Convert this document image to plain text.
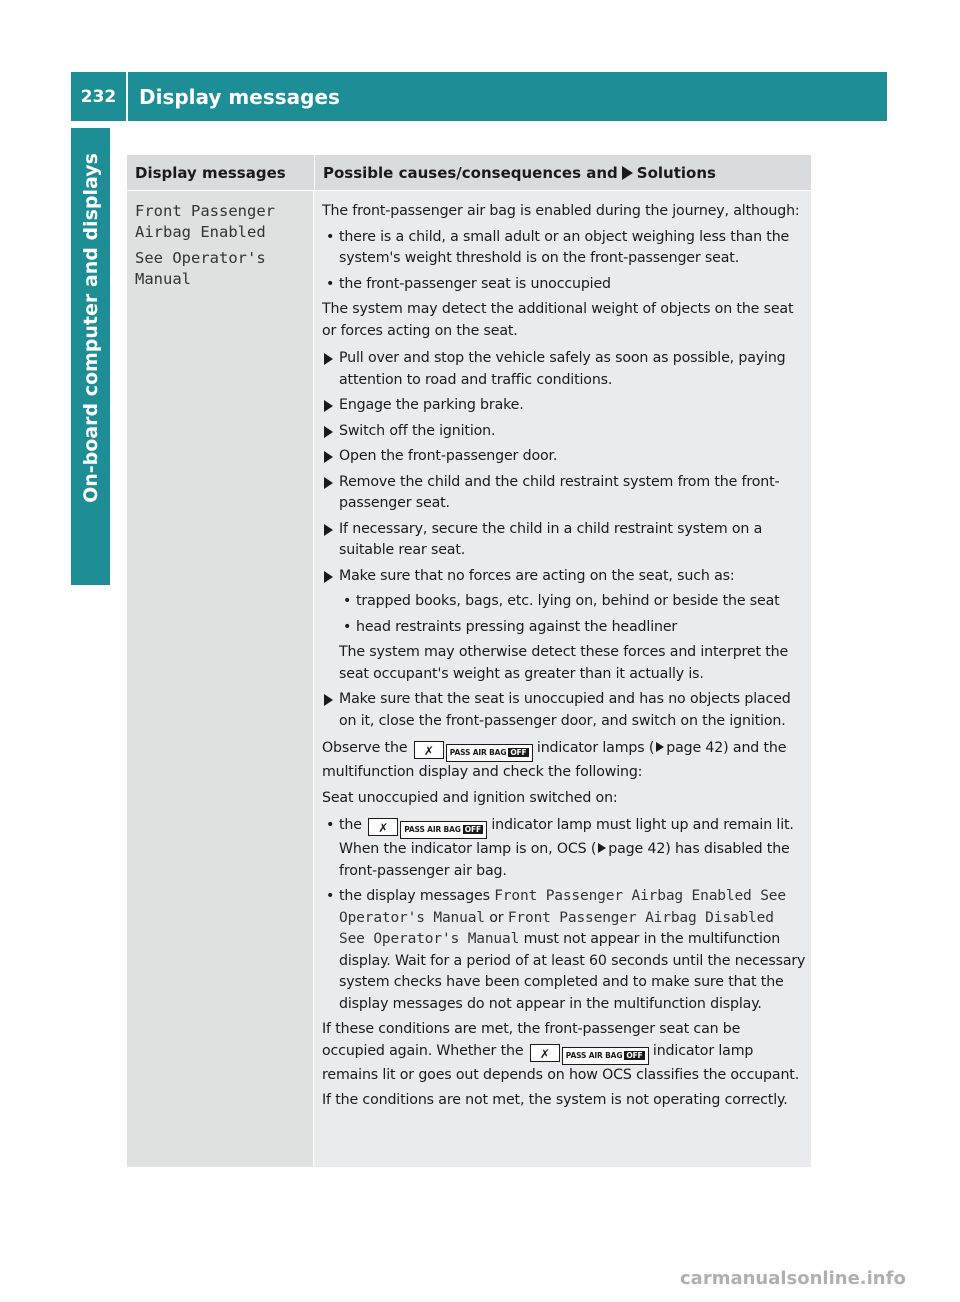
232	Display messages
On-board computer and displays	Display messages	Possible causes/consequences and Solutions
Front Passenger Airbag Enabled
See Operator's Manual

The front-passenger air bag is enabled during the journey, although:

• there is a child, a small adult or an object weighing less than the system's weight threshold is on the front-passenger seat.
• the front-passenger seat is unoccupied

The system may detect the additional weight of objects on the seat or forces acting on the seat.

Pull over and stop the vehicle safely as soon as possible, paying attention to road and traffic conditions.
Engage the parking brake.
Switch off the ignition.
Open the front-passenger door.
Remove the child and the child restraint system from the front-passenger seat.
If necessary, secure the child in a child restraint system on a suitable rear seat.
Make sure that no forces are acting on the seat, such as:
• trapped books, bags, etc. lying on, behind or beside the seat
• head restraints pressing against the headliner

The system may otherwise detect these forces and interpret the seat occupant's weight as greater than it actually is.

Make sure that the seat is unoccupied and has no objects placed on it, close the front-passenger door, and switch on the ignition.

Observe the ✗ PASS AIR BAG OFF indicator lamps ( page 42) and the multifunction display and check the following:

Seat unoccupied and ignition switched on:

• the ✗ PASS AIR BAG OFF indicator lamp must light up and remain lit. When the indicator lamp is on, OCS ( page 42) has disabled the front-passenger air bag.
• the display messages Front Passenger Airbag Enabled See Operator's Manual or Front Passenger Airbag Disabled See Operator's Manual must not appear in the multifunction display. Wait for a period of at least 60 seconds until the necessary system checks have been completed and to make sure that the display messages do not appear in the multifunction display.

If these conditions are met, the front-passenger seat can be occupied again. Whether the ✗ PASS AIR BAG OFF indicator lamp remains lit or goes out depends on how OCS classifies the occupant.

If the conditions are not met, the system is not operating correctly.

carmanualsonline.info
